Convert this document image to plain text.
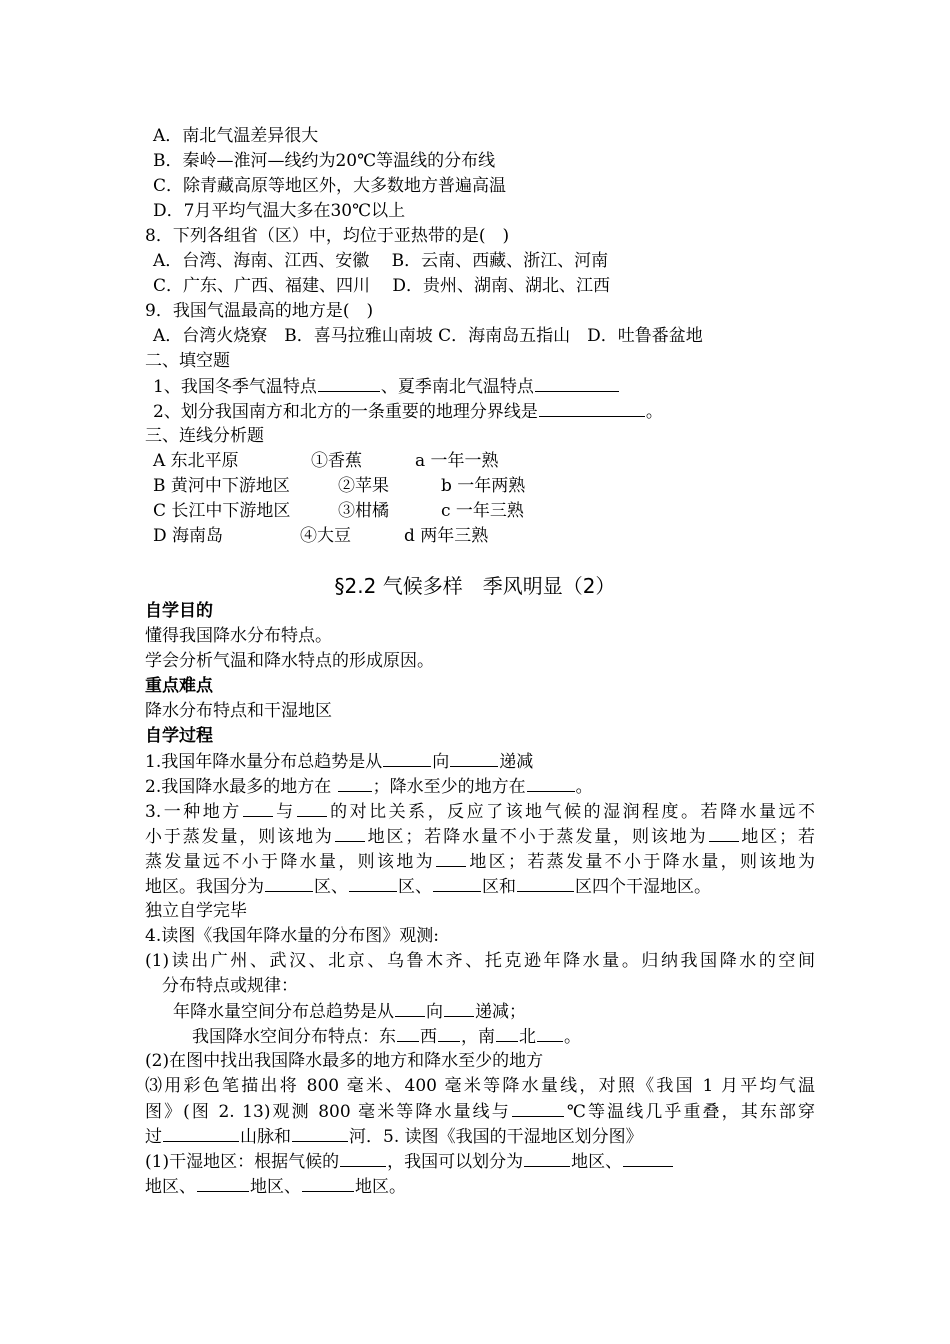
A．南北气温差异很大
B．秦岭—淮河—线约为20℃等温线的分布线
C．除青藏高原等地区外，大多数地方普遍高温
D．7月平均气温大多在30℃以上
8．下列各组省（区）中，均位于亚热带的是(　)
A．台湾、海南、江西、安徽　 B．云南、西藏、浙江、河南
C．广东、广西、福建、四川　 D．贵州、湖南、湖北、江西
9．我国气温最高的地方是(　)
A．台湾火烧寮　B．喜马拉雅山南坡 C．海南岛五指山　D．吐鲁番盆地
二、填空题
1、我国冬季气温特点	、夏季南北气温特点
2、划分我国南方和北方的一条重要的地理分界线是	。
三、连线分析题
A 东北平原	①香蕉	a 一年一熟
B 黄河中下游地区	②苹果	b 一年两熟
C 长江中下游地区	③柑橘	c 一年三熟
D 海南岛	④大豆	d 两年三熟
§2.2 气候多样　季风明显（2）
自学目的
懂得我国降水分布特点。
学会分析气温和降水特点的形成原因。
重点难点
降水分布特点和干湿地区
自学过程
1.我国年降水量分布总趋势是从	向	递减
2.我国降水最多的地方在 ；降水至少的地方在	。
3.一种地方 与 的对比关系，反应了该地气候的湿润程度。若降水量远不
小于蒸发量，则该地为 地区；若降水量不小于蒸发量，则该地为 地区；若
蒸发量远不小于降水量，则该地为 地区；若蒸发量不小于降水量，则该地为
地区。我国分为	区、	区、	区和	区四个干湿地区。
独立自学完毕
4.读图《我国年降水量的分布图》观测:
(1)读出广州、武汉、北京、乌鲁木齐、托克逊年降水量。归纳我国降水的空间
分布特点或规律：
年降水量空间分布总趋势是从 向 递减；
我国降水空间分布特点：东 西 ，南 北 。
(2)在图中找出我国降水最多的地方和降水至少的地方
⑶用彩色笔描出将 800 毫米、400 毫米等降水量线，对照《我国 1 月平均气温
图》(图 2. 13)观测 800 毫米等降水量线与	℃等温线几乎重叠，其东部穿
过	山脉和	河．5. 读图《我国的干湿地区划分图》
(1)干湿地区：根据气候的	，我国可以划分为	地区、
地区、	地区、	地区。
